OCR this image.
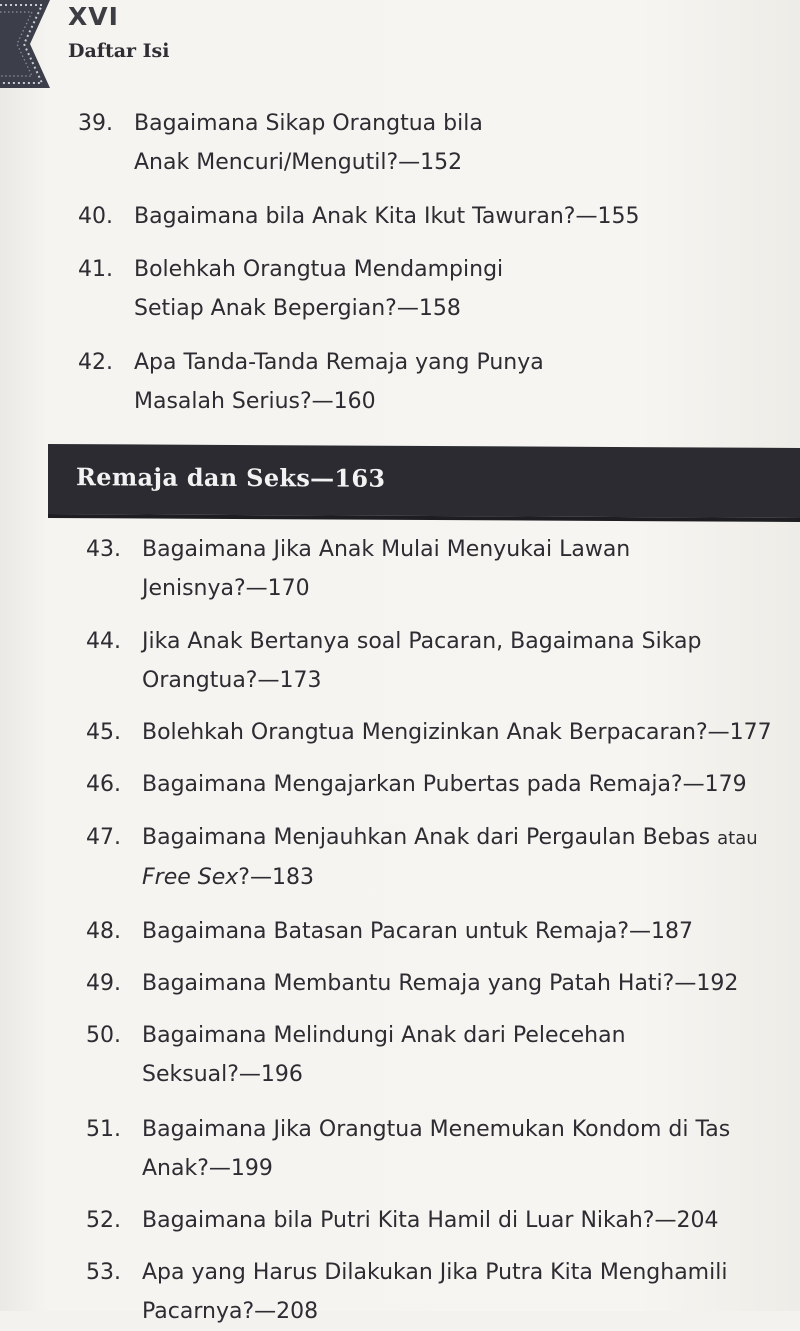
XVI
Daftar Isi
39. Bagaimana Sikap Orangtua bila
Anak Mencuri/Mengutil?—152
40. Bagaimana bila Anak Kita Ikut Tawuran?—155
41. Bolehkah Orangtua Mendampingi
Setiap Anak Bepergian?—158
42. Apa Tanda-Tanda Remaja yang Punya
Masalah Serius?—160
Remaja dan Seks—163
43. Bagaimana Jika Anak Mulai Menyukai Lawan
Jenisnya?—170
44. Jika Anak Bertanya soal Pacaran, Bagaimana Sikap
Orangtua?—173
45. Bolehkah Orangtua Mengizinkan Anak Berpacaran?—177
46. Bagaimana Mengajarkan Pubertas pada Remaja?—179
47. Bagaimana Menjauhkan Anak dari Pergaulan Bebas atau
Free Sex?—183
48. Bagaimana Batasan Pacaran untuk Remaja?—187
49. Bagaimana Membantu Remaja yang Patah Hati?—192
50. Bagaimana Melindungi Anak dari Pelecehan
Seksual?—196
51. Bagaimana Jika Orangtua Menemukan Kondom di Tas
Anak?—199
52. Bagaimana bila Putri Kita Hamil di Luar Nikah?—204
53. Apa yang Harus Dilakukan Jika Putra Kita Menghamili
Pacarnya?—208
